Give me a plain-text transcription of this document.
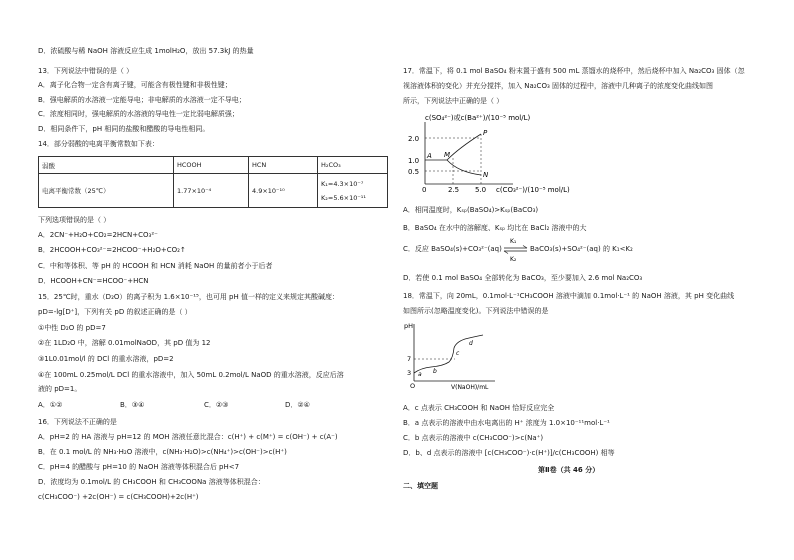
D．浓硫酸与稀 NaOH 溶液反应生成 1molH₂O，放出 57.3kJ 的热量
13．下列说法中错误的是（ ）
A．离子化合物一定含有离子键，可能含有极性键和非极性键；
B．强电解质的水溶液一定能导电；非电解质的水溶液一定不导电；
C．浓度相同时，强电解质的水溶液的导电性一定比弱电解质强；
D．相同条件下，pH 相同的盐酸和醋酸的导电性相同。
14．部分弱酸的电离平衡常数如下表：
弱酸	HCOOH	HCN	H₂CO₃
电离平衡常数（25℃）	1.77×10⁻⁴	4.9×10⁻¹⁰	K₁=4.3×10⁻⁷
K₂=5.6×10⁻¹¹
下列选项错误的是（ ）
A．2CN⁻+H₂O+CO₂=2HCN+CO₃²⁻
B．2HCOOH+CO₃²⁻=2HCOO⁻+H₂O+CO₂↑
C．中和等体积、等 pH 的 HCOOH 和 HCN 消耗 NaOH 的量前者小于后者
D．HCOOH+CN⁻=HCOO⁻+HCN
15．25℃时，重水（D₂O）的离子积为 1.6×10⁻¹⁵，也可用 pH 值一样的定义来规定其酸碱度：
pD=-lg[D⁺]，下列有关 pD 的叙述正确的是（ ）
①中性 D₂O 的 pD=7
②在 1LD₂O 中，溶解 0.01molNaOD，其 pD 值为 12
③1L0.01mol/l 的 DCl 的重水溶液，pD=2
④在 100mL 0.25mol/L DCl 的重水溶液中，加入 50mL 0.2mol/L NaOD 的重水溶液，反应后溶
液的 pD=1。
A．①②	B．③④	C．②③	D．②④
16．下列说法不正确的是
A．pH=2 的 HA 溶液与 pH=12 的 MOH 溶液任意比混合：c(H⁺) + c(M⁺) = c(OH⁻) + c(A⁻)
B．在 0.1 mol/L 的 NH₃·H₂O 溶液中，c(NH₃·H₂O)>c(NH₄⁺)>c(OH⁻)>c(H⁺)
C．pH=4 的醋酸与 pH=10 的 NaOH 溶液等体积混合后 pH<7
D．浓度均为 0.1mol/L 的 CH₃COOH 和 CH₃COONa 溶液等体积混合：
c(CH₃COO⁻) +2c(OH⁻) = c(CH₃COOH)+2c(H⁺)
17．常温下，将 0.1 mol BaSO₄ 粉末置于盛有 500 mL 蒸馏水的烧杯中，然后烧杯中加入 Na₂CO₃ 固体（忽
视溶液体积的变化）并充分搅拌，加入 Na₂CO₃ 固体的过程中，溶液中几种离子的浓度变化曲线如图
所示，下列说法中正确的是（ ）
c(SO₄²⁻)或c(Ba²⁺)/(10⁻⁵ mol/L)
2.0
1.0
0.5
A M
P
N
0	2.5 5.0 c(CO₃²⁻)/(10⁻⁵ mol/L)
A．相同温度时，Kₛₚ(BaSO₄)>Kₛₚ(BaCO₃)
B．BaSO₄ 在水中的溶解度、Kₛₚ 均比在 BaCl₂ 溶液中的大
C．反应 BaSO₄(s)+CO₃²⁻(aq)
K₁
K₂
BaCO₃(s)+SO₄²⁻(aq) 的 K₁<K₂
D．若使 0.1 mol BaSO₄ 全部转化为 BaCO₃，至少要加入 2.6 mol Na₂CO₃
18．常温下，向 20mL，0.1mol·L⁻¹CH₃COOH 溶液中滴加 0.1mol·L⁻¹ 的 NaOH 溶液，其 pH 变化曲线
如图所示(忽略温度变化)。下列说法中错误的是
pH
7
3
O
a b
c
d
V(NaOH)/mL
A．c 点表示 CH₃COOH 和 NaOH 恰好反应完全
B．a 点表示的溶液中由水电离出的 H⁺ 浓度为 1.0×10⁻¹¹mol·L⁻¹
C．b 点表示的溶液中 c(CH₃COO⁻)>c(Na⁺)
D．b、d 点表示的溶液中 [c(CH₃COO⁻)·c(H⁺)]/c(CH₃COOH) 相等
第Ⅱ卷（共 46 分）
二、填空题
